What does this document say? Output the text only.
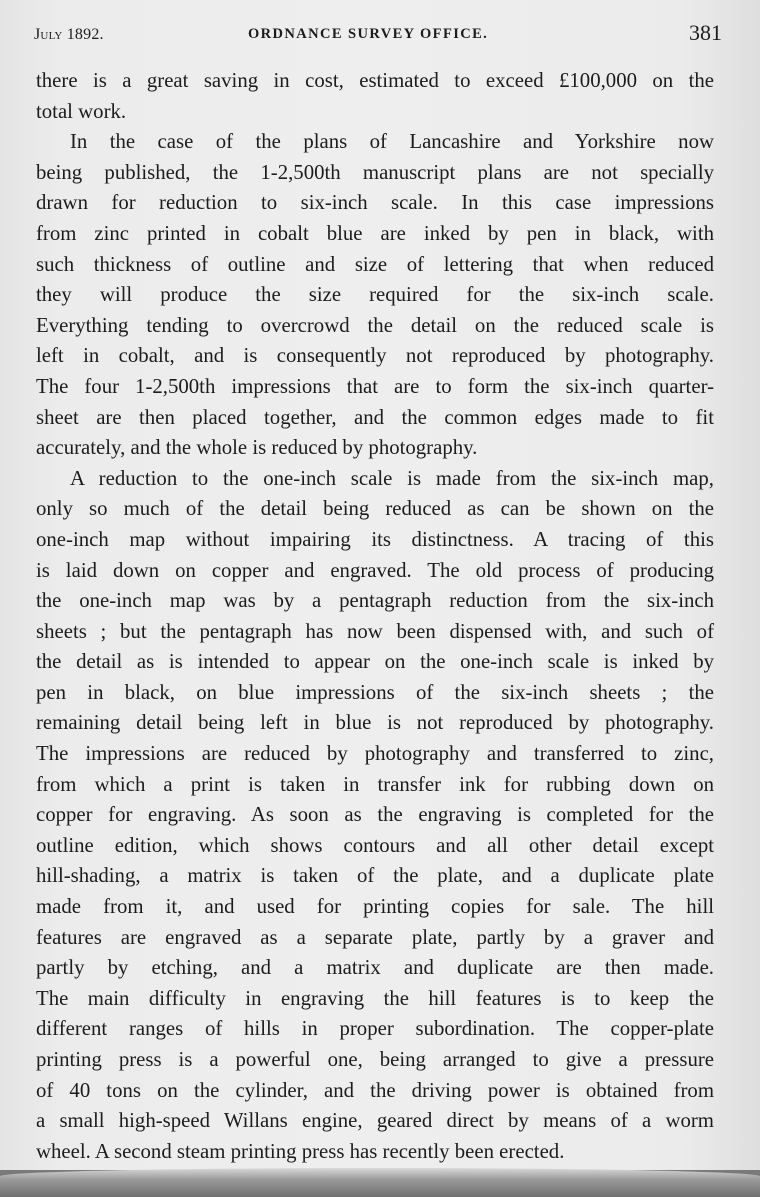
July 1892.	ORDNANCE SURVEY OFFICE.	381
there is a great saving in cost, estimated to exceed £100,000 on the
total work.
In the case of the plans of Lancashire and Yorkshire now
being published, the 1-2,500th manuscript plans are not specially
drawn for reduction to six-inch scale. In this case impressions
from zinc printed in cobalt blue are inked by pen in black, with
such thickness of outline and size of lettering that when reduced
they will produce the size required for the six-inch scale.
Everything tending to overcrowd the detail on the reduced scale is
left in cobalt, and is consequently not reproduced by photography.
The four 1-2,500th impressions that are to form the six-inch quarter-
sheet are then placed together, and the common edges made to fit
accurately, and the whole is reduced by photography.
A reduction to the one-inch scale is made from the six-inch map,
only so much of the detail being reduced as can be shown on the
one-inch map without impairing its distinctness. A tracing of this
is laid down on copper and engraved. The old process of producing
the one-inch map was by a pentagraph reduction from the six-inch
sheets ; but the pentagraph has now been dispensed with, and such of
the detail as is intended to appear on the one-inch scale is inked by
pen in black, on blue impressions of the six-inch sheets ; the
remaining detail being left in blue is not reproduced by photography.
The impressions are reduced by photography and transferred to zinc,
from which a print is taken in transfer ink for rubbing down on
copper for engraving. As soon as the engraving is completed for the
outline edition, which shows contours and all other detail except
hill-shading, a matrix is taken of the plate, and a duplicate plate
made from it, and used for printing copies for sale. The hill
features are engraved as a separate plate, partly by a graver and
partly by etching, and a matrix and duplicate are then made.
The main difficulty in engraving the hill features is to keep the
different ranges of hills in proper subordination. The copper-plate
printing press is a powerful one, being arranged to give a pressure
of 40 tons on the cylinder, and the driving power is obtained from
a small high-speed Willans engine, geared direct by means of a worm
wheel. A second steam printing press has recently been erected.
